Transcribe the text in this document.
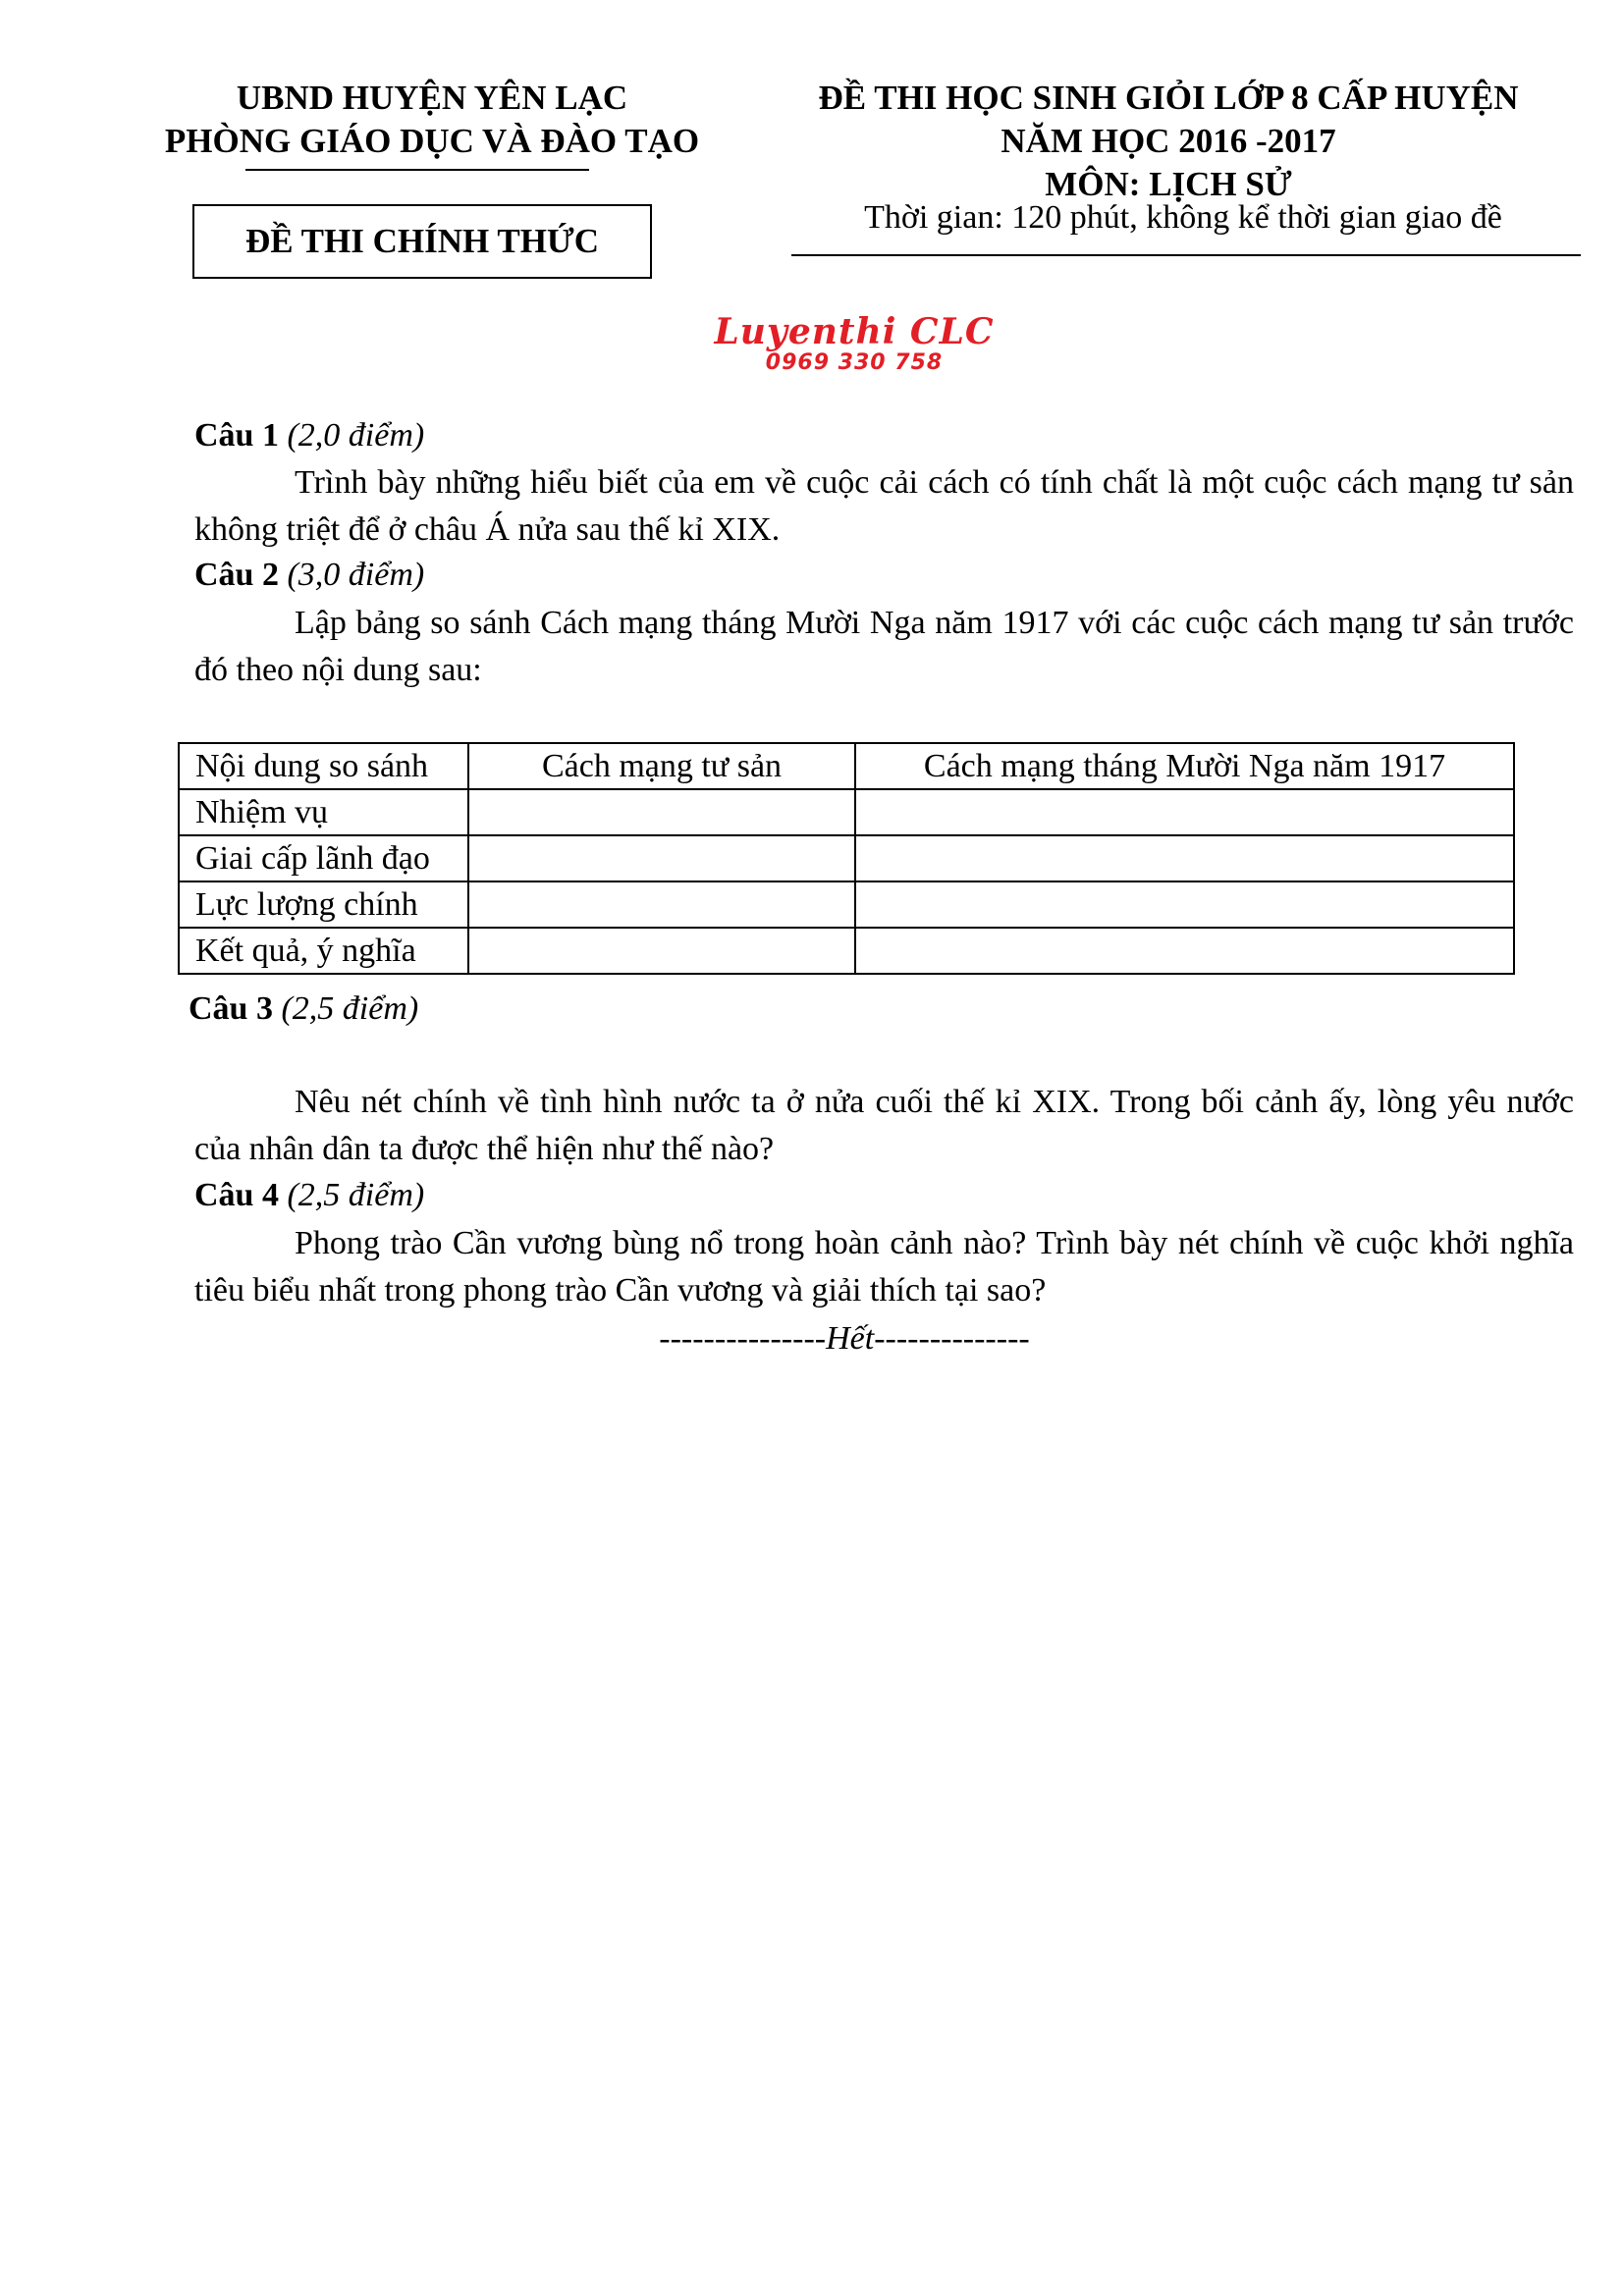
UBND HUYỆN YÊN LẠC
PHÒNG GIÁO DỤC VÀ ĐÀO TẠO
ĐỀ THI CHÍNH THỨC
ĐỀ THI HỌC SINH GIỎI LỚP 8 CẤP HUYỆN
NĂM HỌC 2016 -2017
MÔN: LỊCH SỬ
Thời gian: 120 phút, không kể thời gian giao đề
Luyenthi CLC
0969 330 758
Câu 1 (2,0 điểm)
Trình bày những hiểu biết của em về cuộc cải cách có tính chất là một cuộc cách mạng tư sản không triệt để ở châu Á nửa sau thế kỉ XIX.
Câu 2 (3,0 điểm)
Lập bảng so sánh Cách mạng tháng Mười Nga năm 1917 với các cuộc cách mạng tư sản trước đó theo nội dung sau:
Nội dung so sánh	Cách mạng tư sản	Cách mạng tháng Mười Nga năm 1917
Nhiệm vụ		
Giai cấp lãnh đạo		
Lực lượng chính		
Kết quả, ý nghĩa		
Câu 3 (2,5 điểm)
Nêu nét chính về tình hình nước ta ở nửa cuối thế kỉ XIX. Trong bối cảnh ấy, lòng yêu nước của nhân dân ta được thể hiện như thế nào?
Câu 4 (2,5 điểm)
Phong trào Cần vương bùng nổ trong hoàn cảnh nào? Trình bày nét chính về cuộc khởi nghĩa tiêu biểu nhất trong phong trào Cần vương và giải thích tại sao?
---------------Hết--------------
